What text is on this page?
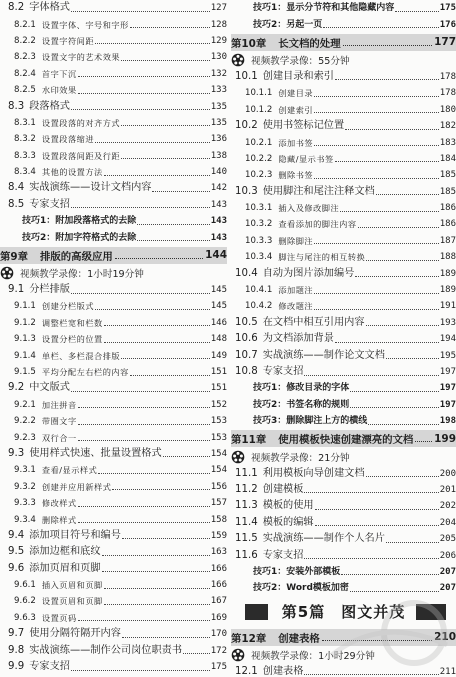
8.2 字体格式	127
8.2.1 设置字体、字号和字形	128
8.2.2 设置字符间距	129
8.2.3 设置文字的艺术效果	130
8.2.4 首字下沉	132
8.2.5 水印效果	133
8.3 段落格式	135
8.3.1 设置段落的对齐方式	135
8.3.2 设置段落缩进	136
8.3.3 设置段落间距及行距	138
8.3.4 其他的设置方法	140
8.4 实战演练——设计文档内容	142
8.5 专家支招	143
技巧1：附加段落格式的去除	143
技巧2：附加字符格式的去除	143
第9章	排版的高级应用	144
视频教学录像：1小时19分钟
9.1 分栏排版	145
9.1.1 创建分栏版式	145
9.1.2 调整栏宽和栏数	146
9.1.3 设置分栏的位置	148
9.1.4 单栏、多栏混合排版	149
9.1.5 平均分配左右栏的内容	151
9.2 中文版式	151
9.2.1 加注拼音	152
9.2.2 带圈文字	153
9.2.3 双行合一	153
9.3 使用样式快速、批量设置格式	154
9.3.1 查看/显示样式	154
9.3.2 创建并应用新样式	156
9.3.3 修改样式	157
9.3.4 删除样式	158
9.4 添加项目符号和编号	159
9.5 添加边框和底纹	163
9.6 添加页眉和页脚	166
9.6.1 插入页眉和页脚	166
9.6.2 设置页眉和页脚	167
9.6.3 设置页码	169
9.7 使用分隔符隔开内容	170
9.8 实战演练——制作公司岗位职责书	172
9.9 专家支招	175
技巧1：显示分节符和其他隐藏内容	175
技巧2：另起一页	176
第10章	长文档的处理	177
视频教学录像：55分钟
10.1 创建目录和索引	178
10.1.1 创建目录	178
10.1.2 创建索引	180
10.2 使用书签标记位置	182
10.2.1 添加书签	183
10.2.2 隐藏/显示书签	184
10.2.3 删除书签	185
10.3 使用脚注和尾注注释文档	185
10.3.1 插入及修改脚注	186
10.3.2 查看添加的脚注内容	186
10.3.3 删除脚注	187
10.3.4 脚注与尾注的相互转换	188
10.4 自动为图片添加编号	189
10.4.1 添加题注	189
10.4.2 修改题注	191
10.5 在文档中相互引用内容	193
10.6 为文档添加背景	194
10.7 实战演练——制作论文文档	195
10.8 专家支招	197
技巧1：修改目录的字体	197
技巧2：书签名称的规则	197
技巧3：删除脚注上方的横线	198
第11章	使用模板快速创建漂亮的文档 199
视频教学录像：21分钟
11.1 利用模板向导创建文档	200
11.2 创建模板	201
11.3 模板的使用	202
11.4 模板的编辑	204
11.5 实战演练——制作个人名片	205
11.6 专家支招	206
技巧1：安装外部模板	207
技巧2：Word模板加密	207
第5篇　图文并茂
第12章	创建表格	210
视频教学录像：1小时29分钟
12.1 创建表格	211
